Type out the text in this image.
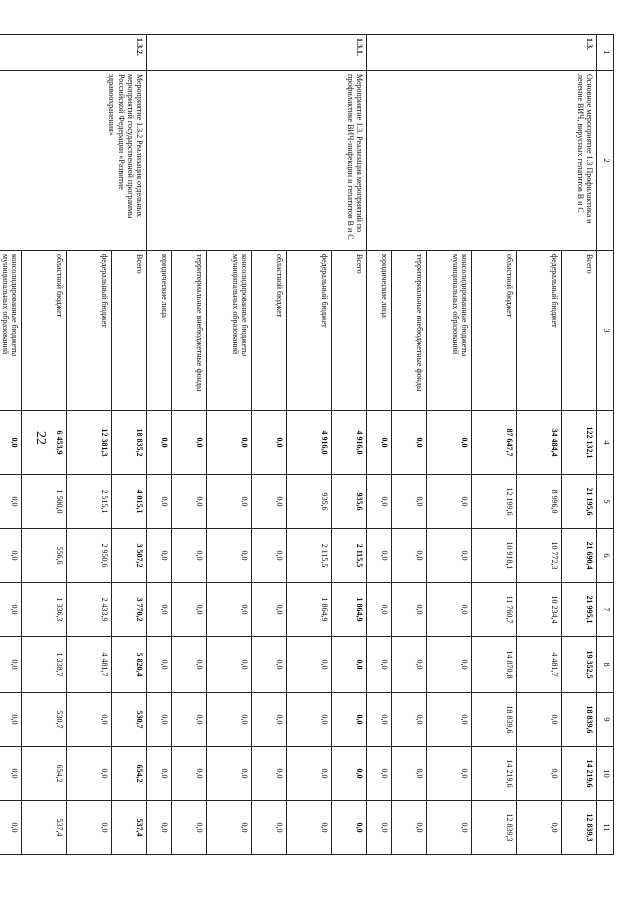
22
1	2	3	4	5	6	7	8	9	10	11
1.3.	Основное мероприятие 1.3 Профилактика и лечение ВИЧ, вирусных гепатитов В и С	Всего	122 132,1	21 195,6	21 690,4	21 995,1	19 352,5	18 839,6	14 219,6	12 839,3
		федеральный бюджет	34 484,4	8 996,0	10 772,3	10 234,4	4 481,7	0,0	0,0	0,0
		областной бюджет	87 647,7	12 199,6	10 918,1	11 760,7	14 870,8	18 839,6	14 219,6	12 839,3
		консолидированные бюджеты муниципальных образований	0,0	0,0	0,0	0,0	0,0	0,0	0,0	0,0
		территориальные внебюджетные фонды	0,0	0,0	0,0	0,0	0,0	0,0	0,0	0,0
		юридические лица	0,0	0,0	0,0	0,0	0,0	0,0	0,0	0,0
1.3.1.	Мероприятие 1.3. Реализация мероприятий по профилактике ВИЧ-инфекции и гепатитов В и С	Всего	4 916,0	935,6	2 115,5	1 864,9	0,0	0,0	0,0	0,0
		федеральный бюджет	4 916,0	935,6	2 115,5	1 864,9	0,0	0,0	0,0	0,0
		областной бюджет	0,0	0,0	0,0	0,0	0,0	0,0	0,0	0,0
		консолидированные бюджеты муниципальных образований	0,0	0,0	0,0	0,0	0,0	0,0	0,0	0,0
		территориальные внебюджетные фонды	0,0	0,0	0,0	0,0	0,0	0,0	0,0	0,0
		юридические лица	0,0	0,0	0,0	0,0	0,0	0,0	0,0	0,0
1.3.2.	Мероприятие 1.3.2 Реализация отдельных мероприятий государственной программы Российской Федерации «Развитие здравоохранения»	Всего	18 835,2	4 015,1	3 507,2	3 770,2	5 820,4	530,7	654,2	537,4
		федеральный бюджет	12 381,3	2 515,1	2 950,6	2 433,9	4 481,7	0,0	0,0	0,0
		областной бюджет	6 453,9	1 500,0	556,6	1 336,3	1 338,7	530,7	654,2	537,4
		консолидированные бюджеты муниципальных образований	0,0	0,0	0,0	0,0	0,0	0,0	0,0	0,0
